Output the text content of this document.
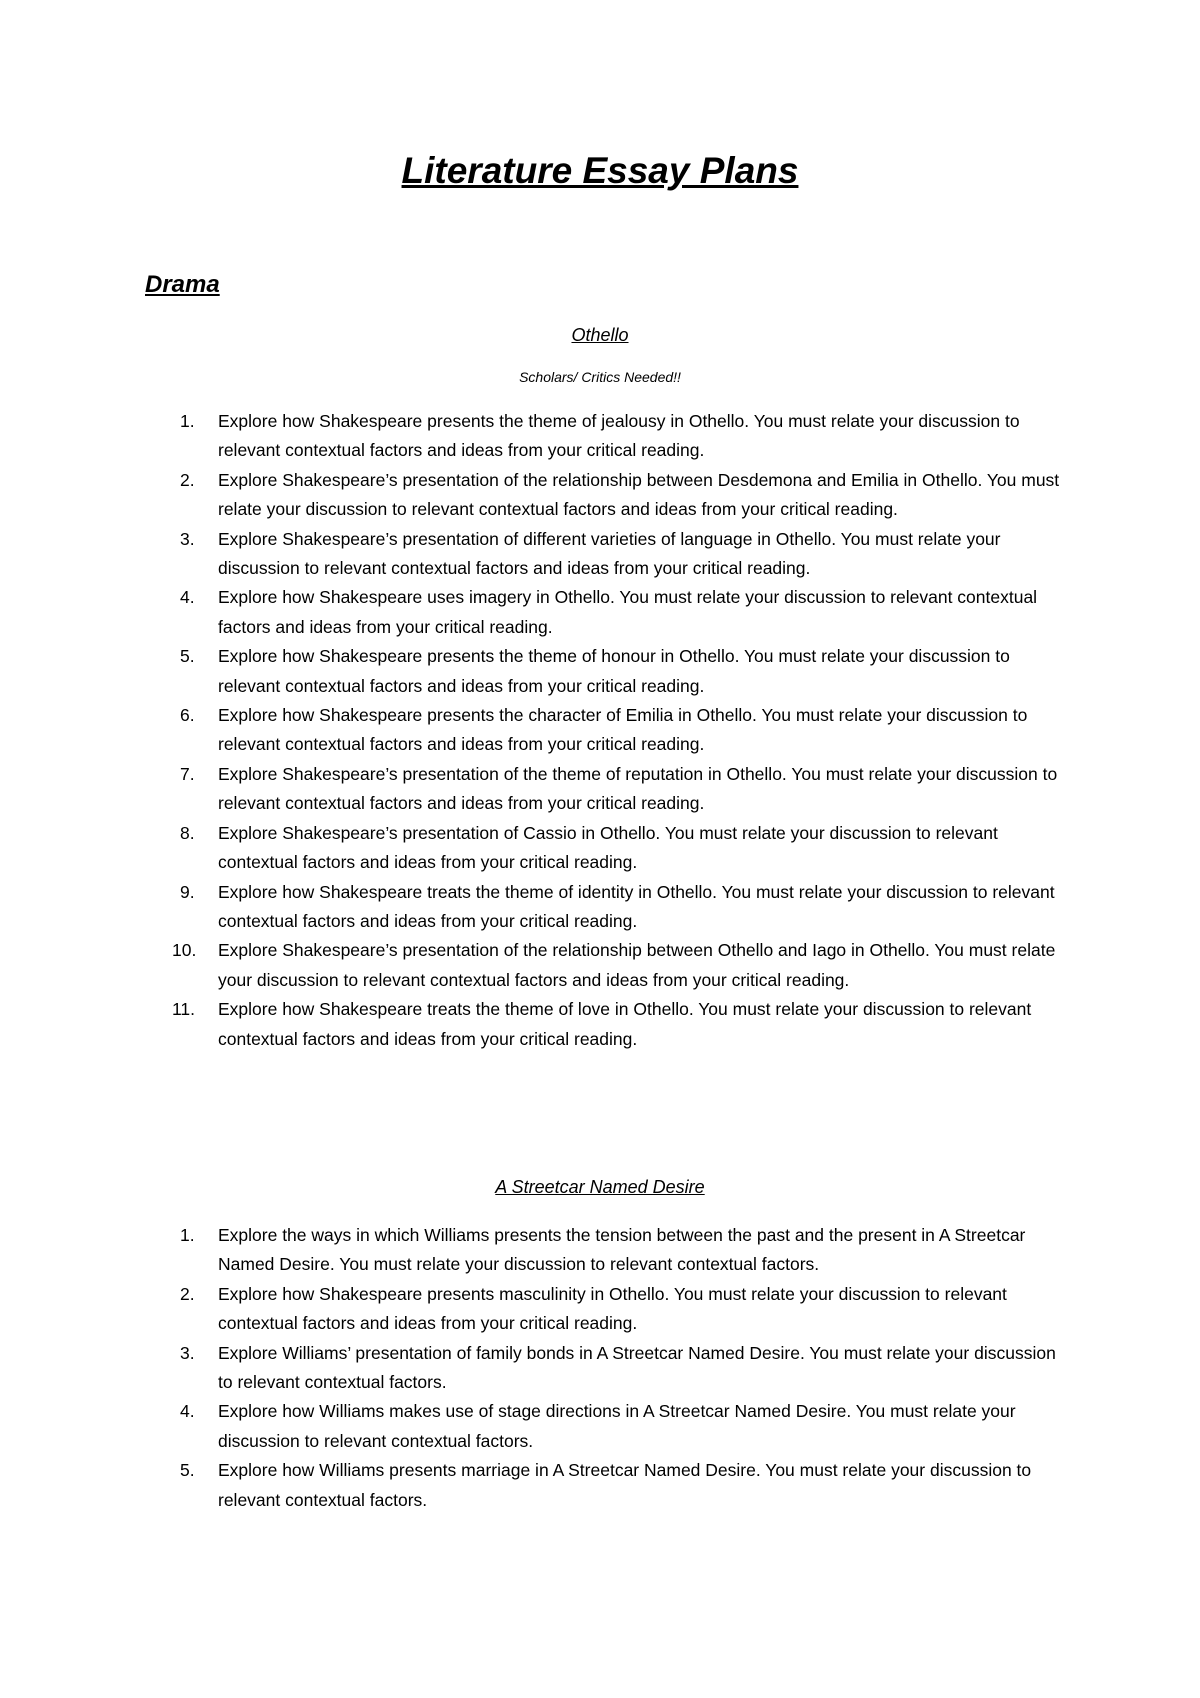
Literature Essay Plans
Drama
Othello
Scholars/ Critics Needed!!
1.	Explore how Shakespeare presents the theme of jealousy in Othello. You must relate your discussion to relevant contextual factors and ideas from your critical reading.
2.	Explore Shakespeare’s presentation of the relationship between Desdemona and Emilia in Othello. You must relate your discussion to relevant contextual factors and ideas from your critical reading.
3.	Explore Shakespeare’s presentation of different varieties of language in Othello. You must relate your discussion to relevant contextual factors and ideas from your critical reading.
4.	Explore how Shakespeare uses imagery in Othello. You must relate your discussion to relevant contextual factors and ideas from your critical reading.
5.	Explore how Shakespeare presents the theme of honour in Othello. You must relate your discussion to relevant contextual factors and ideas from your critical reading.
6.	Explore how Shakespeare presents the character of Emilia in Othello. You must relate your discussion to relevant contextual factors and ideas from your critical reading.
7.	Explore Shakespeare’s presentation of the theme of reputation in Othello. You must relate your discussion to relevant contextual factors and ideas from your critical reading.
8.	Explore Shakespeare’s presentation of Cassio in Othello. You must relate your discussion to relevant contextual factors and ideas from your critical reading.
9.	Explore how Shakespeare treats the theme of identity in Othello. You must relate your discussion to relevant contextual factors and ideas from your critical reading.
10.	Explore Shakespeare’s presentation of the relationship between Othello and Iago in Othello. You must relate your discussion to relevant contextual factors and ideas from your critical reading.
11.	Explore how Shakespeare treats the theme of love in Othello. You must relate your discussion to relevant contextual factors and ideas from your critical reading.
A Streetcar Named Desire
1.	Explore the ways in which Williams presents the tension between the past and the present in A Streetcar Named Desire. You must relate your discussion to relevant contextual factors.
2.	Explore how Shakespeare presents masculinity in Othello. You must relate your discussion to relevant contextual factors and ideas from your critical reading.
3.	Explore Williams’ presentation of family bonds in A Streetcar Named Desire. You must relate your discussion to relevant contextual factors.
4.	Explore how Williams makes use of stage directions in A Streetcar Named Desire. You must relate your discussion to relevant contextual factors.
5.	Explore how Williams presents marriage in A Streetcar Named Desire. You must relate your discussion to relevant contextual factors.
